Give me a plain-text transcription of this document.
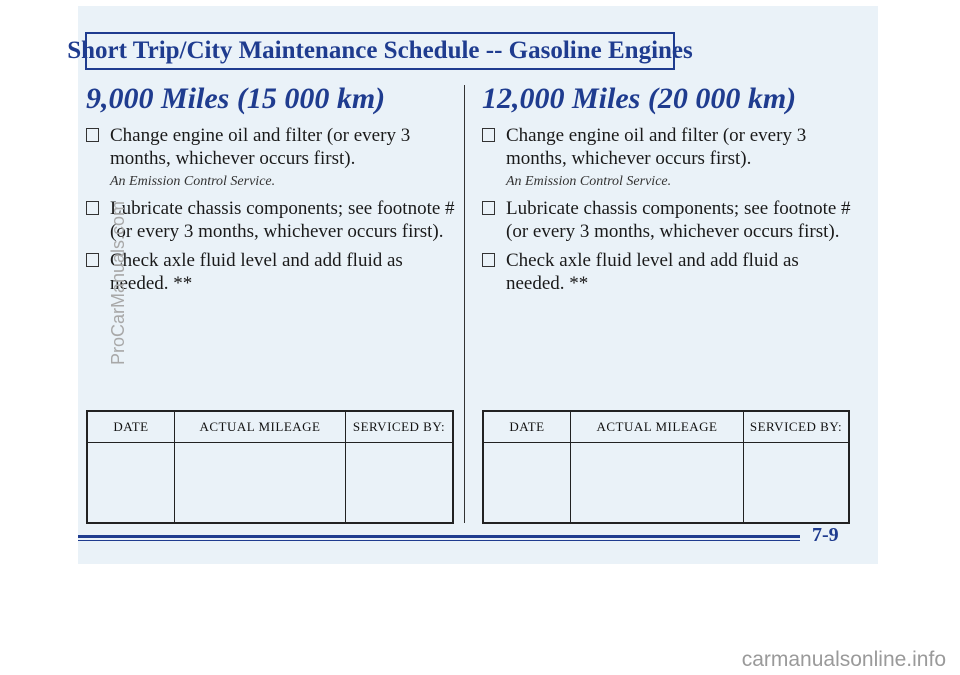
Short Trip/City Maintenance Schedule -- Gasoline Engines
9,000 Miles (15 000 km)
Change engine oil and filter (or every 3 months, whichever occurs first).
An Emission Control Service.
Lubricate chassis components; see footnote # (or every 3 months, whichever occurs first).
Check axle fluid level and add fluid as needed. **
12,000 Miles (20 000 km)
Change engine oil and filter (or every 3 months, whichever occurs first).
An Emission Control Service.
Lubricate chassis components; see footnote # (or every 3 months, whichever occurs first).
Check axle fluid level and add fluid as needed. **
DATE	ACTUAL MILEAGE	SERVICED BY:
			DATE	ACTUAL MILEAGE	SERVICED BY:

7-9
ProCarManuals.com
carmanualsonline.info
